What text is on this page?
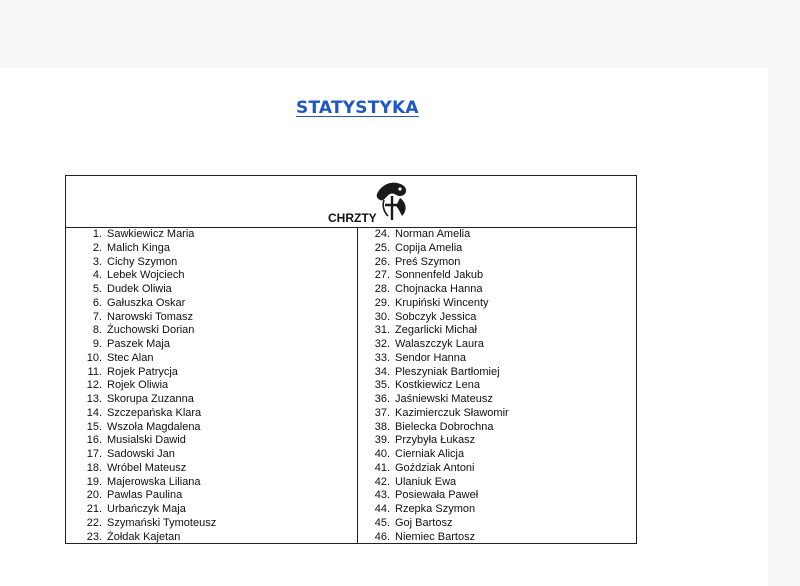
STATYSTYKA
CHRZTY
1. Sawkiewicz Maria
2. Malich Kinga
3. Cichy Szymon
4. Lebek Wojciech
5. Dudek Oliwia
6. Gałuszka Oskar
7. Narowski Tomasz
8. Żuchowski Dorian
9. Paszek Maja
10. Stec Alan
11. Rojek Patrycja
12. Rojek Oliwia
13. Skorupa Zuzanna
14. Szczepańska Klara
15. Wszoła Magdalena
16. Musialski Dawid
17. Sadowski Jan
18. Wróbel Mateusz
19. Majerowska Liliana
20. Pawlas Paulina
21. Urbańczyk Maja
22. Szymański Tymoteusz
23. Żołdak Kajetan
24. Norman Amelia
25. Copija Amelia
26. Preś Szymon
27. Sonnenfeld Jakub
28. Chojnacka Hanna
29. Krupiński Wincenty
30. Sobczyk Jessica
31. Zegarlicki Michał
32. Walaszczyk Laura
33. Sendor Hanna
34. Pleszyniak Bartłomiej
35. Kostkiewicz Lena
36. Jaśniewski Mateusz
37. Kazimierczuk Sławomir
38. Bielecka Dobrochna
39. Przybyła Łukasz
40. Cierniak Alicja
41. Goździak Antoni
42. Ulaniuk Ewa
43. Posiewała Paweł
44. Rzepka Szymon
45. Goj Bartosz
46. Niemiec Bartosz
